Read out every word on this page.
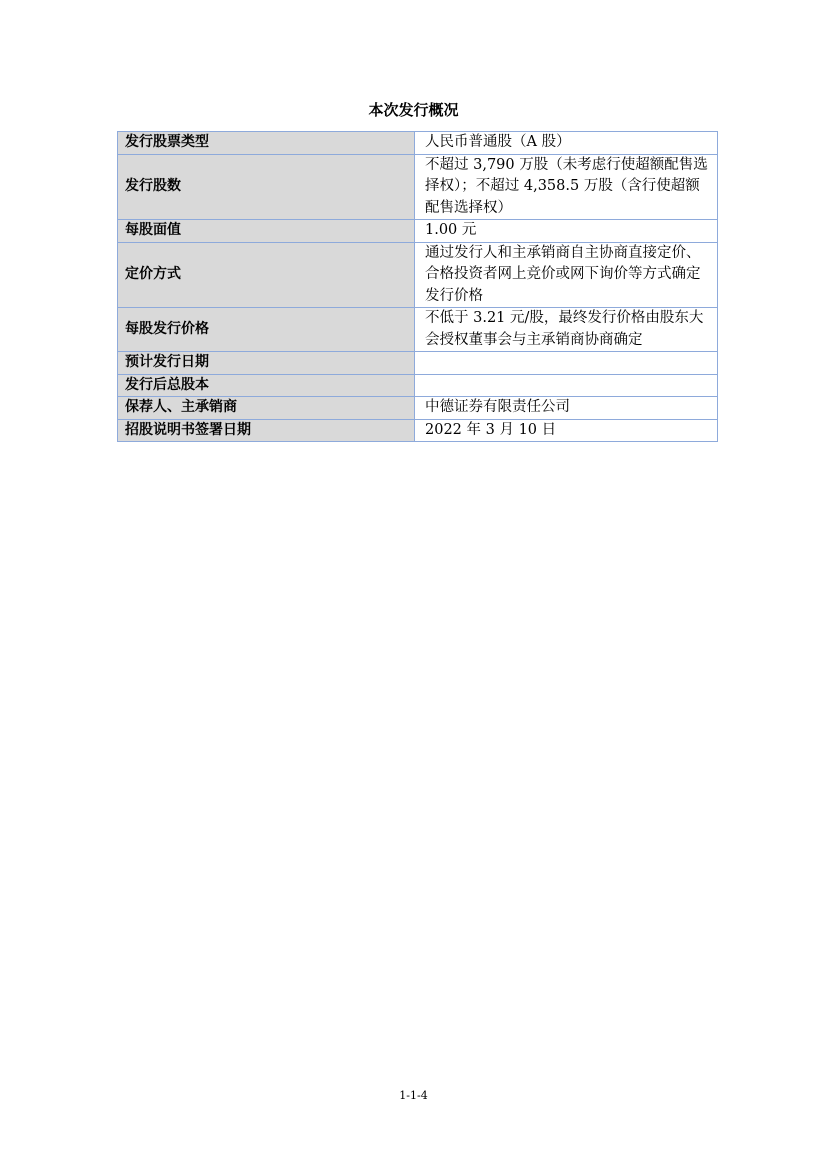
本次发行概况
发行股票类型	人民币普通股（A 股）
发行股数	不超过 3,790 万股（未考虑行使超额配售选择权）；不超过 4,358.5 万股（含行使超额配售选择权）
每股面值	1.00 元
定价方式	通过发行人和主承销商自主协商直接定价、合格投资者网上竞价或网下询价等方式确定发行价格
每股发行价格	不低于 3.21 元/股，最终发行价格由股东大会授权董事会与主承销商协商确定
预计发行日期	
发行后总股本	
保荐人、主承销商	中德证券有限责任公司
招股说明书签署日期	2022 年 3 月 10 日
1-1-4
